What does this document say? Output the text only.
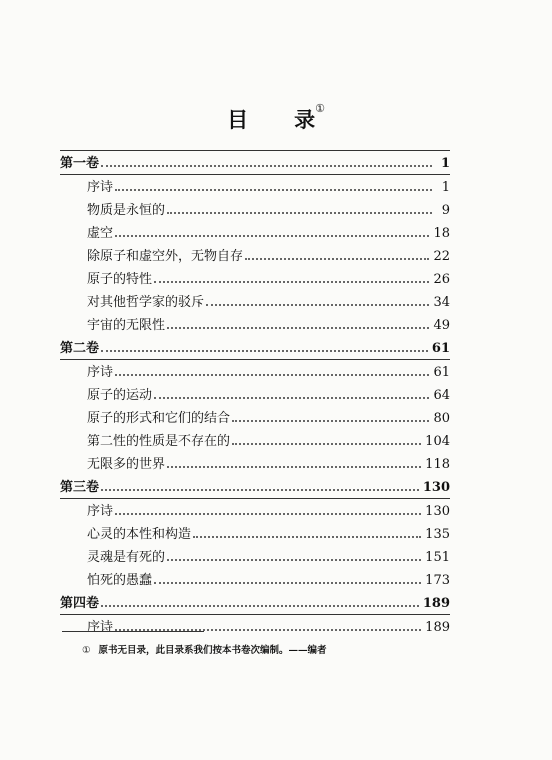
目 录①
第一卷	1
序诗	1
物质是永恒的	9
虚空	18
除原子和虚空外，无物自存	22
原子的特性	26
对其他哲学家的驳斥	34
宇宙的无限性	49
第二卷	61
序诗	61
原子的运动	64
原子的形式和它们的结合	80
第二性的性质是不存在的	104
无限多的世界	118
第三卷	130
序诗	130
心灵的本性和构造	135
灵魂是有死的	151
怕死的愚蠢	173
第四卷	189
序诗	189
① 原书无目录，此目录系我们按本书卷次编制。——编者
